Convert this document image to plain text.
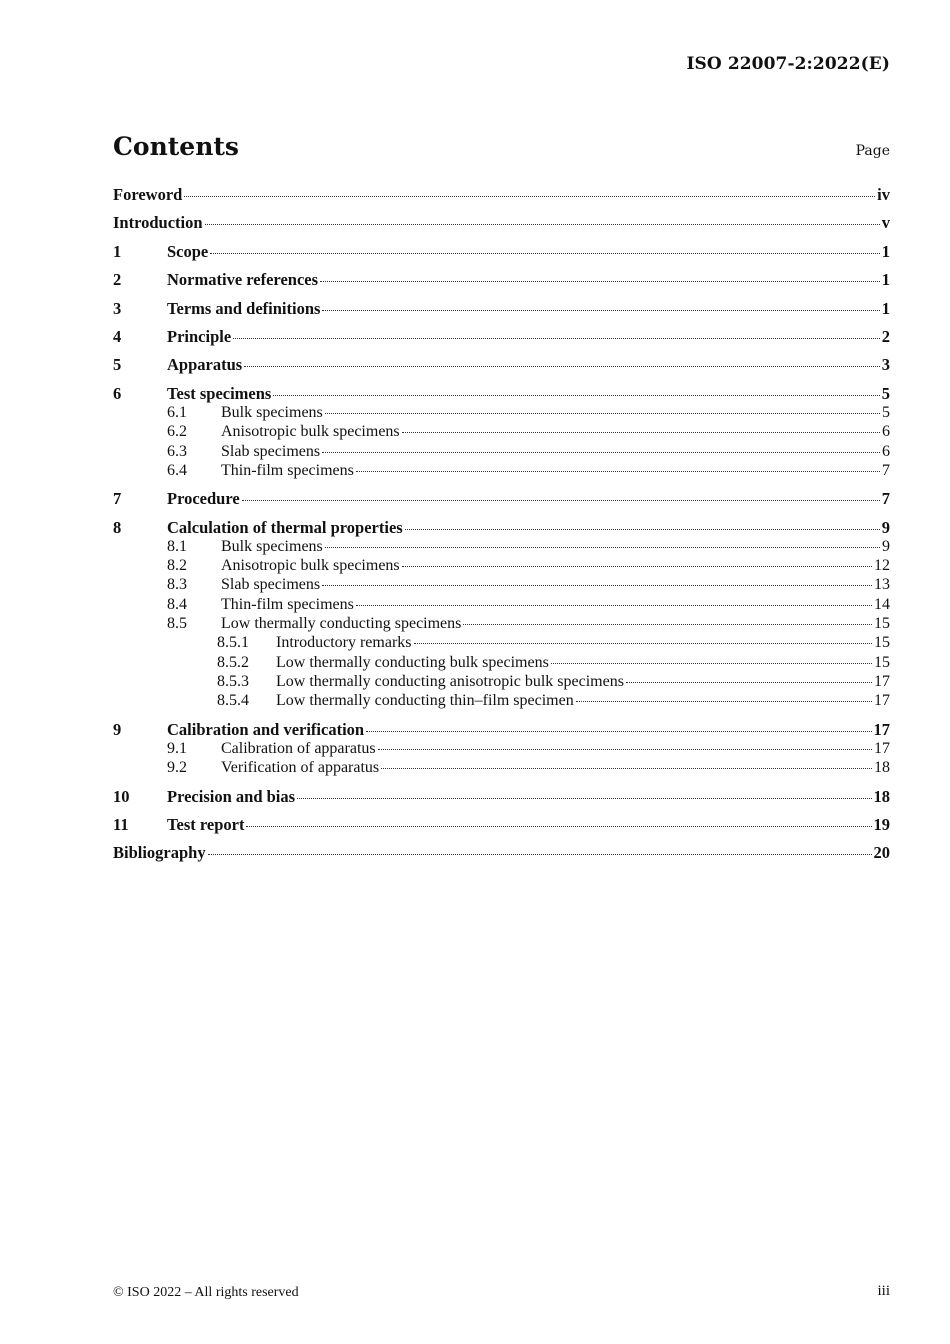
ISO 22007-2:2022(E)
Contents	Page
Foreword	iv
Introduction	v
1	Scope	1
2	Normative references	1
3	Terms and definitions	1
4	Principle	2
5	Apparatus	3
6	Test specimens	5
6.1	Bulk specimens	5
6.2	Anisotropic bulk specimens	6
6.3	Slab specimens	6
6.4	Thin-film specimens	7
7	Procedure	7
8	Calculation of thermal properties	9
8.1	Bulk specimens	9
8.2	Anisotropic bulk specimens	12
8.3	Slab specimens	13
8.4	Thin-film specimens	14
8.5	Low thermally conducting specimens	15
8.5.1	Introductory remarks	15
8.5.2	Low thermally conducting bulk specimens	15
8.5.3	Low thermally conducting anisotropic bulk specimens	17
8.5.4	Low thermally conducting thin–film specimen	17
9	Calibration and verification	17
9.1	Calibration of apparatus	17
9.2	Verification of apparatus	18
10	Precision and bias	18
11	Test report	19
Bibliography	20
© ISO 2022 – All rights reserved	iii
